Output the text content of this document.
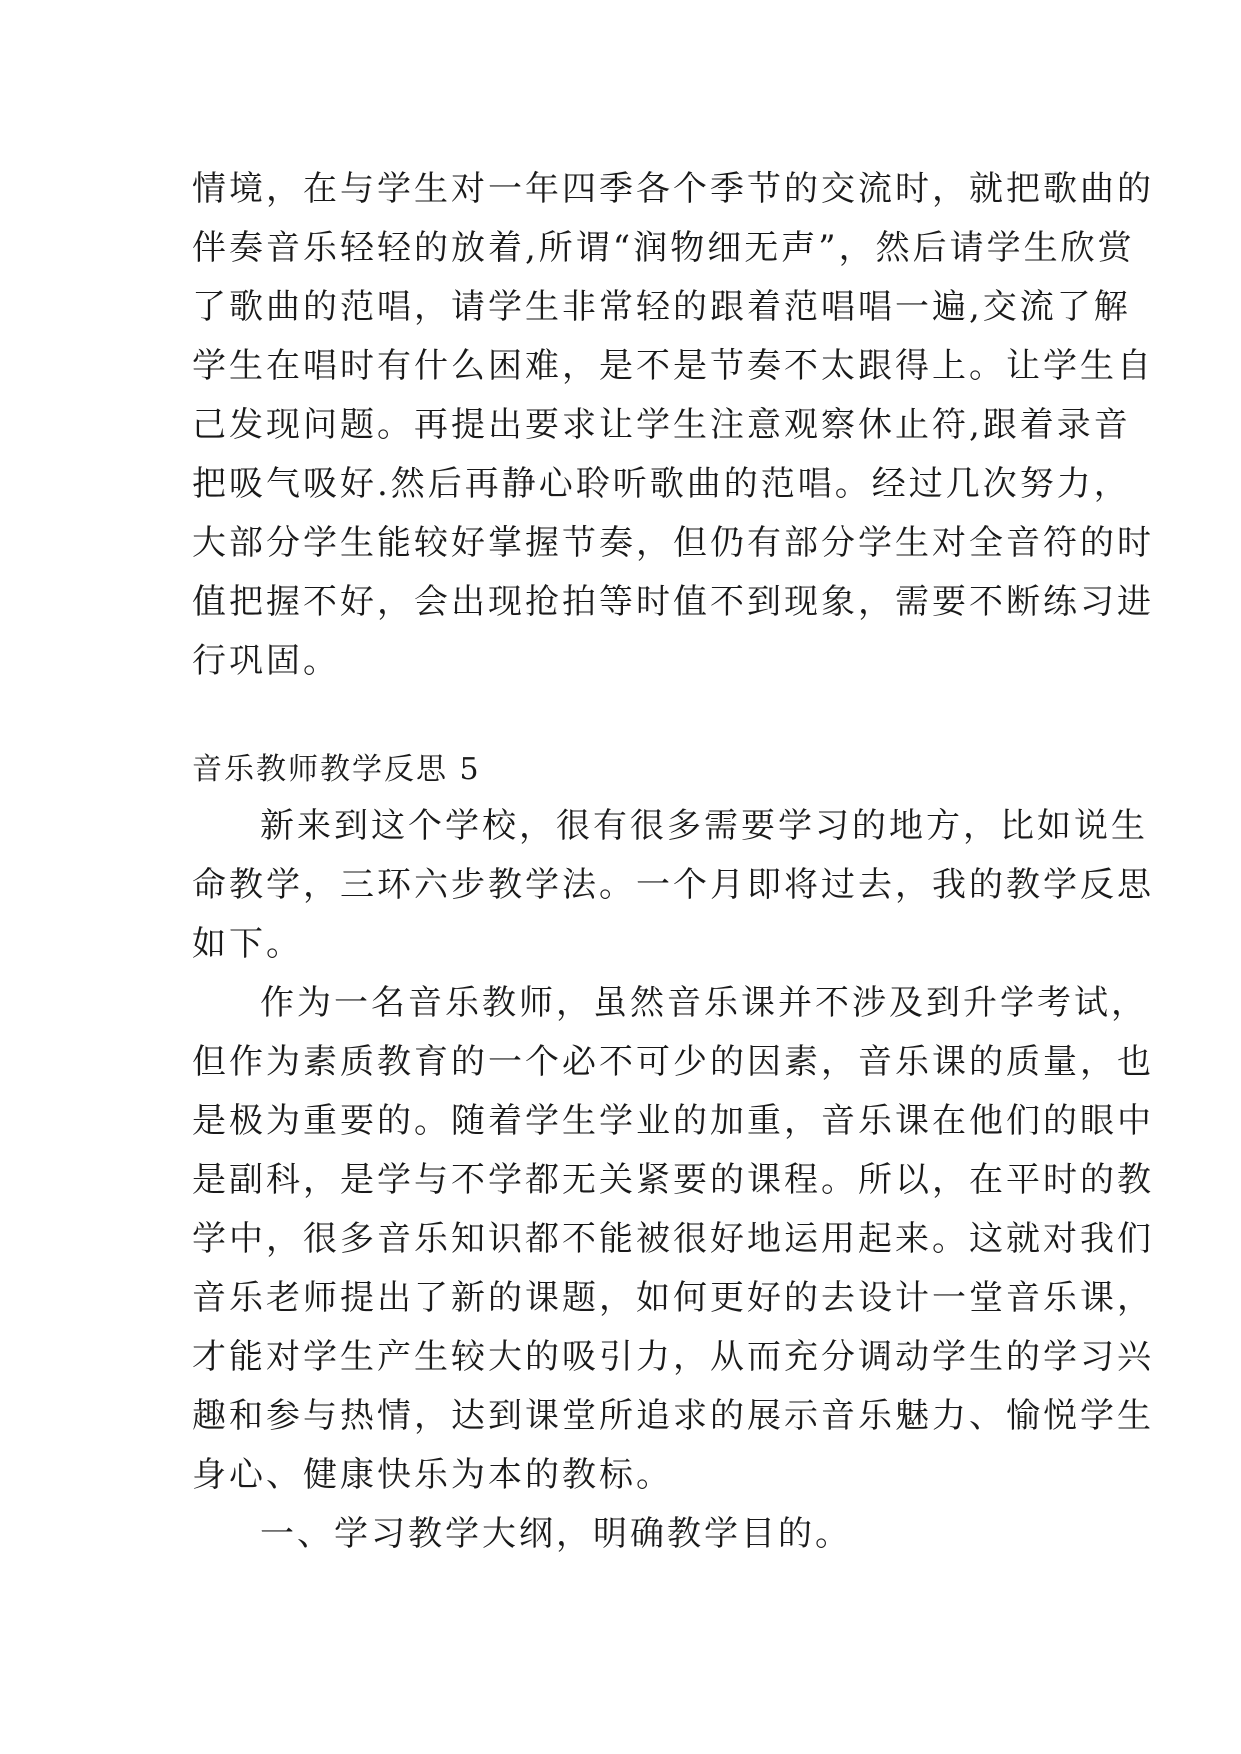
情境，在与学生对一年四季各个季节的交流时，就把歌曲的
伴奏音乐轻轻的放着,所谓“润物细无声”，然后请学生欣赏
了歌曲的范唱，请学生非常轻的跟着范唱唱一遍,交流了解
学生在唱时有什么困难，是不是节奏不太跟得上。让学生自
己发现问题。再提出要求让学生注意观察休止符,跟着录音
把吸气吸好.然后再静心聆听歌曲的范唱。经过几次努力，
大部分学生能较好掌握节奏，但仍有部分学生对全音符的时
值把握不好，会出现抢拍等时值不到现象，需要不断练习进
行巩固。
音乐教师教学反思 5
新来到这个学校，很有很多需要学习的地方，比如说生
命教学，三环六步教学法。一个月即将过去，我的教学反思
如下。
作为一名音乐教师，虽然音乐课并不涉及到升学考试，
但作为素质教育的一个必不可少的因素，音乐课的质量，也
是极为重要的。随着学生学业的加重，音乐课在他们的眼中
是副科，是学与不学都无关紧要的课程。所以，在平时的教
学中，很多音乐知识都不能被很好地运用起来。这就对我们
音乐老师提出了新的课题，如何更好的去设计一堂音乐课，
才能对学生产生较大的吸引力，从而充分调动学生的学习兴
趣和参与热情，达到课堂所追求的展示音乐魅力、愉悦学生
身心、健康快乐为本的教标。
一、学习教学大纲，明确教学目的。
